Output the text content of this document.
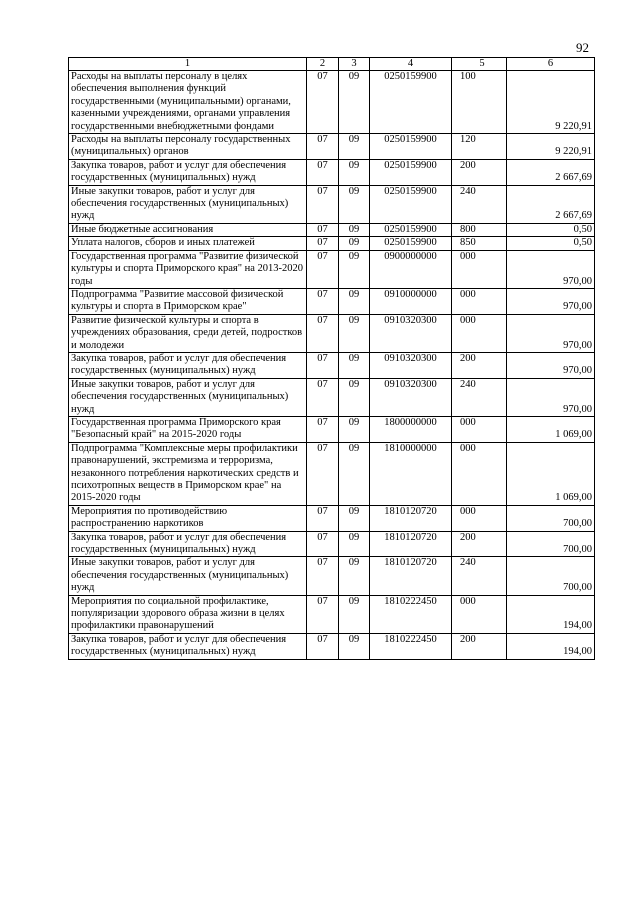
92
1	2	3	4	5	6
Расходы на выплаты персоналу в целях обеспечения выполнения функций государственными (муниципальными) органами, казенными учреждениями, органами управления государственными внебюджетными фондами	07	09	0250159900	100	9 220,91
Расходы на выплаты персоналу государственных (муниципальных) органов	07	09	0250159900	120	9 220,91
Закупка товаров, работ и услуг для обеспечения государственных (муниципальных) нужд	07	09	0250159900	200	2 667,69
Иные закупки товаров, работ и услуг для обеспечения государственных (муниципальных) нужд	07	09	0250159900	240	2 667,69
Иные бюджетные ассигнования	07	09	0250159900	800	0,50
Уплата налогов, сборов и иных платежей	07	09	0250159900	850	0,50
Государственная программа "Развитие физической культуры и спорта Приморского края" на 2013-2020 годы	07	09	0900000000	000	970,00
Подпрограмма "Развитие массовой физической культуры и спорта в Приморском крае"	07	09	0910000000	000	970,00
Развитие физической культуры и спорта в учреждениях образования, среди детей, подростков и молодежи	07	09	0910320300	000	970,00
Закупка товаров, работ и услуг для обеспечения государственных (муниципальных) нужд	07	09	0910320300	200	970,00
Иные закупки товаров, работ и услуг для обеспечения государственных (муниципальных) нужд	07	09	0910320300	240	970,00
Государственная программа Приморского края "Безопасный край" на 2015-2020 годы	07	09	1800000000	000	1 069,00
Подпрограмма "Комплексные меры профилактики правонарушений, экстремизма и терроризма, незаконного потребления наркотических средств и психотропных веществ в Приморском крае" на 2015-2020 годы	07	09	1810000000	000	1 069,00
Мероприятия по противодействию распространению наркотиков	07	09	1810120720	000	700,00
Закупка товаров, работ и услуг для обеспечения государственных (муниципальных) нужд	07	09	1810120720	200	700,00
Иные закупки товаров, работ и услуг для обеспечения государственных (муниципальных) нужд	07	09	1810120720	240	700,00
Мероприятия по социальной профилактике, популяризации здорового образа жизни в целях профилактики правонарушений	07	09	1810222450	000	194,00
Закупка товаров, работ и услуг для обеспечения государственных (муниципальных) нужд	07	09	1810222450	200	194,00
